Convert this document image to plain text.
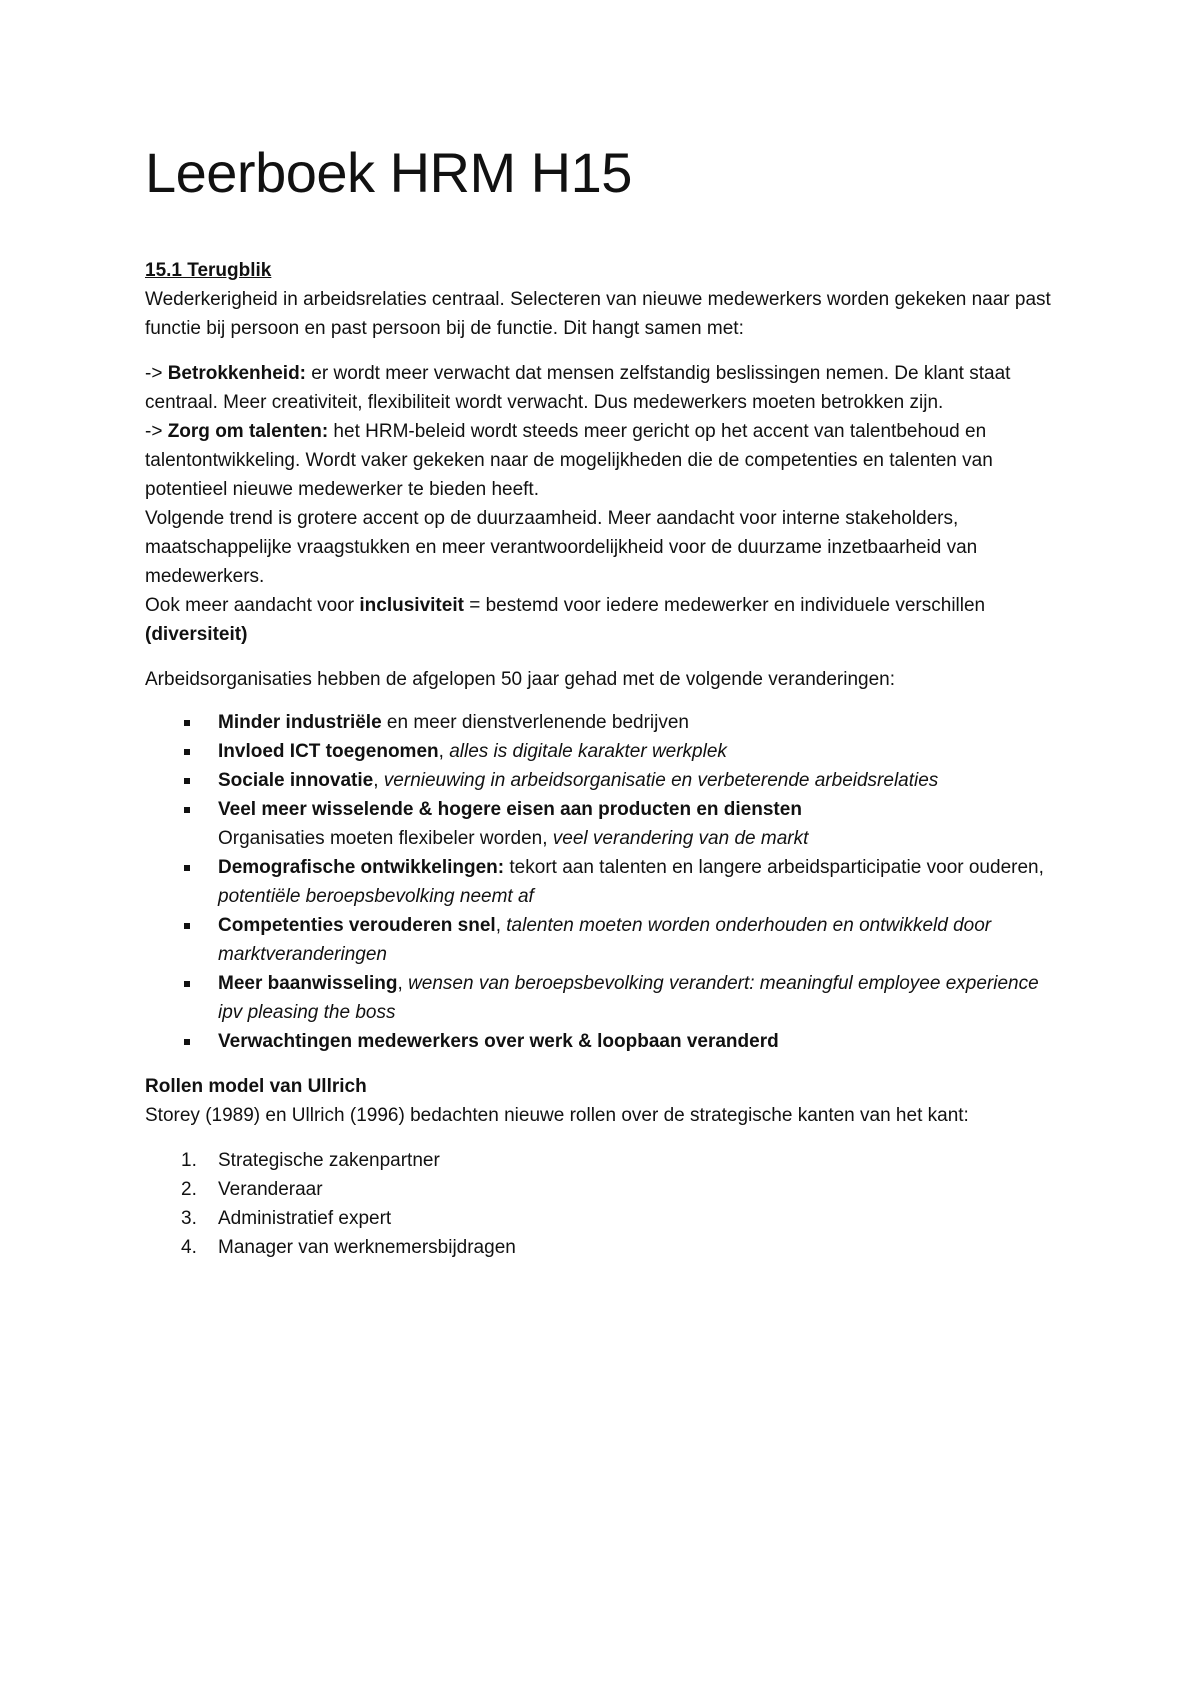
Leerboek HRM H15

15.1 Terugblik

Wederkerigheid in arbeidsrelaties centraal. Selecteren van nieuwe medewerkers worden gekeken naar past functie bij persoon en past persoon bij de functie. Dit hangt samen met:

-> Betrokkenheid: er wordt meer verwacht dat mensen zelfstandig beslissingen nemen. De klant staat centraal. Meer creativiteit, flexibiliteit wordt verwacht. Dus medewerkers moeten betrokken zijn.

-> Zorg om talenten: het HRM-beleid wordt steeds meer gericht op het accent van talentbehoud en talentontwikkeling. Wordt vaker gekeken naar de mogelijkheden die de competenties en talenten van potentieel nieuwe medewerker te bieden heeft.

Volgende trend is grotere accent op de duurzaamheid. Meer aandacht voor interne stakeholders, maatschappelijke vraagstukken en meer verantwoordelijkheid voor de duurzame inzetbaarheid van medewerkers.

Ook meer aandacht voor inclusiviteit = bestemd voor iedere medewerker en individuele verschillen (diversiteit)

Arbeidsorganisaties hebben de afgelopen 50 jaar gehad met de volgende veranderingen:

Minder industriële en meer dienstverlenende bedrijven
Invloed ICT toegenomen, alles is digitale karakter werkplek
Sociale innovatie, vernieuwing in arbeidsorganisatie en verbeterende arbeidsrelaties
Veel meer wisselende & hogere eisen aan producten en diensten
Organisaties moeten flexibeler worden, veel verandering van de markt
Demografische ontwikkelingen: tekort aan talenten en langere arbeidsparticipatie voor ouderen, potentiële beroepsbevolking neemt af
Competenties verouderen snel, talenten moeten worden onderhouden en ontwikkeld door marktveranderingen
Meer baanwisseling, wensen van beroepsbevolking verandert: meaningful employee experience ipv pleasing the boss
Verwachtingen medewerkers over werk & loopbaan veranderd

Rollen model van Ullrich

Storey (1989) en Ullrich (1996) bedachten nieuwe rollen over de strategische kanten van het kant:

1. Strategische zakenpartner
2. Veranderaar
3. Administratief expert
4. Manager van werknemersbijdragen
